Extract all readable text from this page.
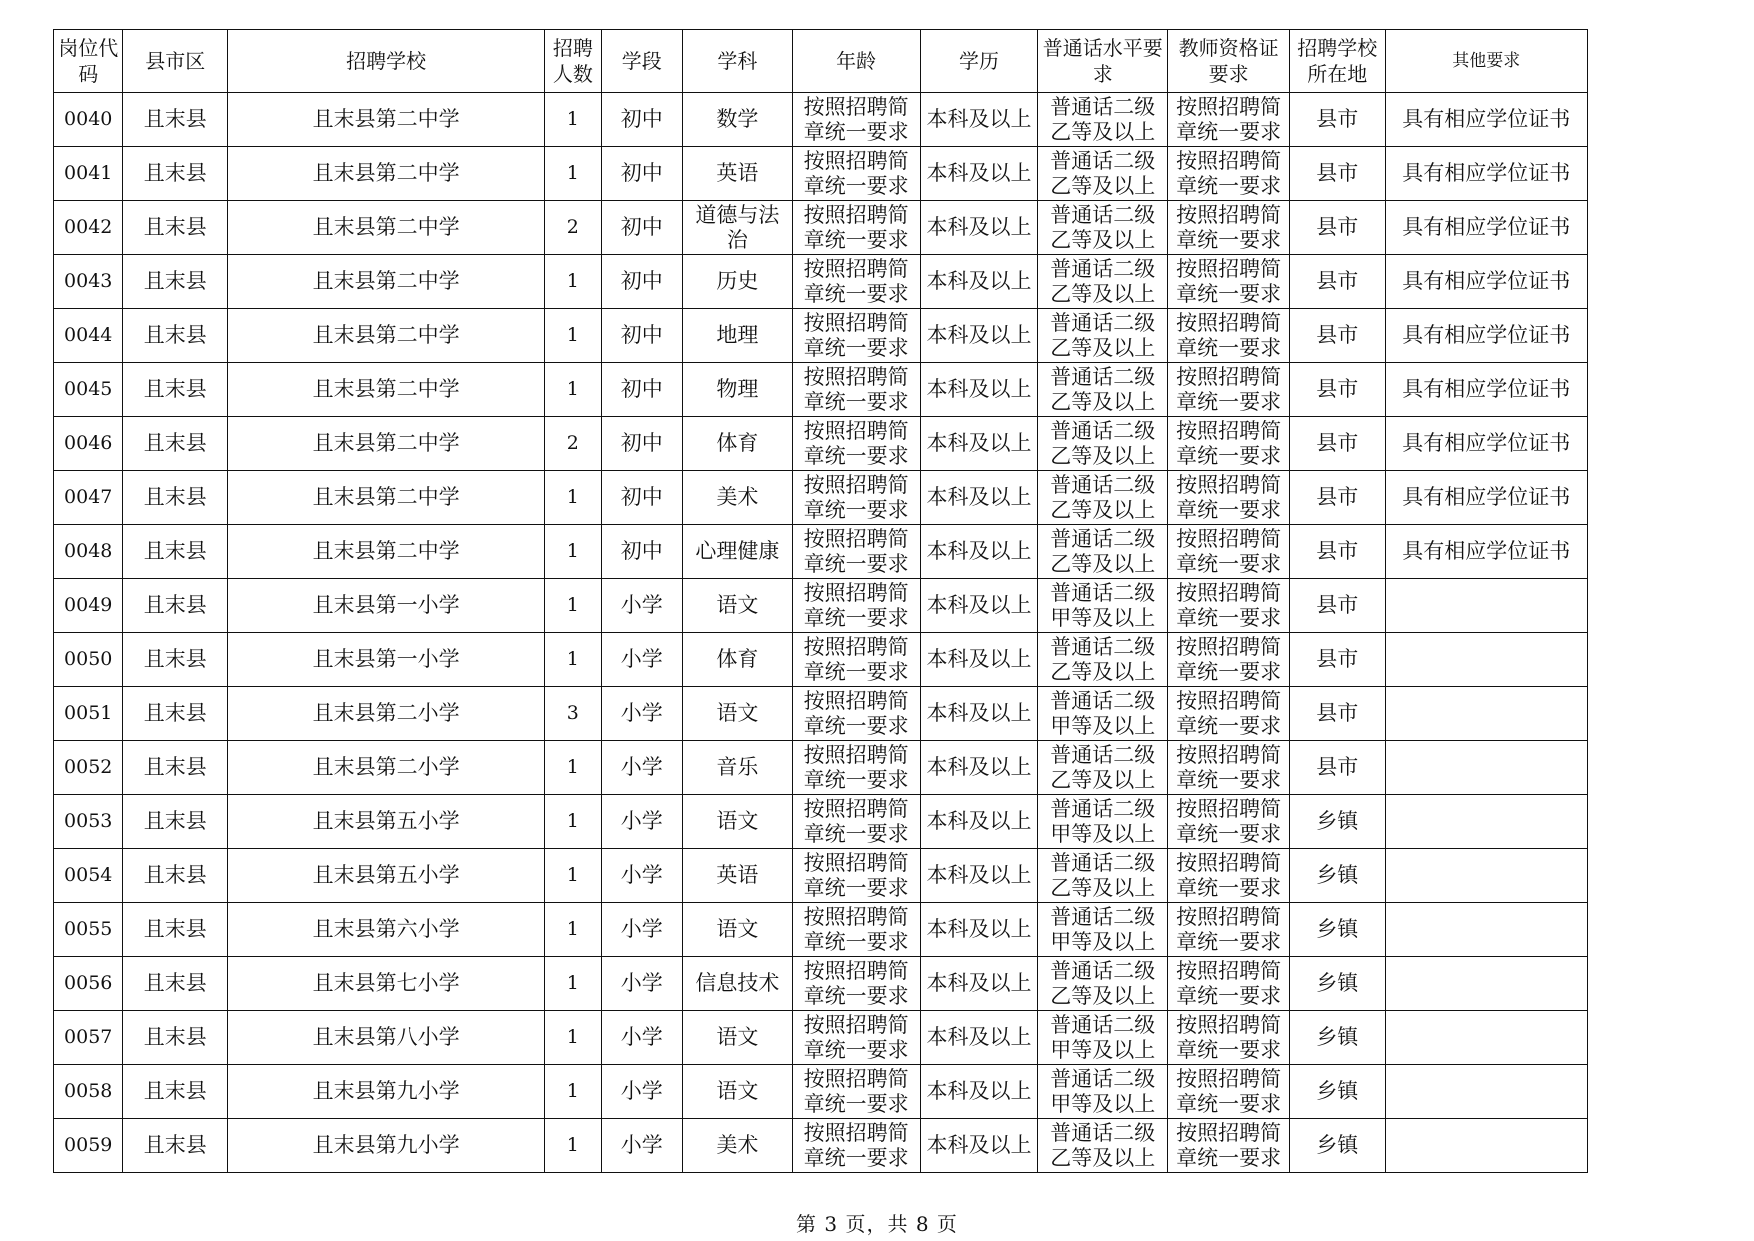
岗位代码	县市区	招聘学校	招聘人数	学段	学科	年龄	学历	普通话水平要求	教师资格证要求	招聘学校所在地	其他要求
0040	且末县	且末县第二中学	1	初中	数学	按照招聘简章统一要求	本科及以上	普通话二级乙等及以上	按照招聘简章统一要求	县市	具有相应学位证书
0041	且末县	且末县第二中学	1	初中	英语	按照招聘简章统一要求	本科及以上	普通话二级乙等及以上	按照招聘简章统一要求	县市	具有相应学位证书
0042	且末县	且末县第二中学	2	初中	道德与法治	按照招聘简章统一要求	本科及以上	普通话二级乙等及以上	按照招聘简章统一要求	县市	具有相应学位证书
0043	且末县	且末县第二中学	1	初中	历史	按照招聘简章统一要求	本科及以上	普通话二级乙等及以上	按照招聘简章统一要求	县市	具有相应学位证书
0044	且末县	且末县第二中学	1	初中	地理	按照招聘简章统一要求	本科及以上	普通话二级乙等及以上	按照招聘简章统一要求	县市	具有相应学位证书
0045	且末县	且末县第二中学	1	初中	物理	按照招聘简章统一要求	本科及以上	普通话二级乙等及以上	按照招聘简章统一要求	县市	具有相应学位证书
0046	且末县	且末县第二中学	2	初中	体育	按照招聘简章统一要求	本科及以上	普通话二级乙等及以上	按照招聘简章统一要求	县市	具有相应学位证书
0047	且末县	且末县第二中学	1	初中	美术	按照招聘简章统一要求	本科及以上	普通话二级乙等及以上	按照招聘简章统一要求	县市	具有相应学位证书
0048	且末县	且末县第二中学	1	初中	心理健康	按照招聘简章统一要求	本科及以上	普通话二级乙等及以上	按照招聘简章统一要求	县市	具有相应学位证书
0049	且末县	且末县第一小学	1	小学	语文	按照招聘简章统一要求	本科及以上	普通话二级甲等及以上	按照招聘简章统一要求	县市	
0050	且末县	且末县第一小学	1	小学	体育	按照招聘简章统一要求	本科及以上	普通话二级乙等及以上	按照招聘简章统一要求	县市	
0051	且末县	且末县第二小学	3	小学	语文	按照招聘简章统一要求	本科及以上	普通话二级甲等及以上	按照招聘简章统一要求	县市	
0052	且末县	且末县第二小学	1	小学	音乐	按照招聘简章统一要求	本科及以上	普通话二级乙等及以上	按照招聘简章统一要求	县市	
0053	且末县	且末县第五小学	1	小学	语文	按照招聘简章统一要求	本科及以上	普通话二级甲等及以上	按照招聘简章统一要求	乡镇	
0054	且末县	且末县第五小学	1	小学	英语	按照招聘简章统一要求	本科及以上	普通话二级乙等及以上	按照招聘简章统一要求	乡镇	
0055	且末县	且末县第六小学	1	小学	语文	按照招聘简章统一要求	本科及以上	普通话二级甲等及以上	按照招聘简章统一要求	乡镇	
0056	且末县	且末县第七小学	1	小学	信息技术	按照招聘简章统一要求	本科及以上	普通话二级乙等及以上	按照招聘简章统一要求	乡镇	
0057	且末县	且末县第八小学	1	小学	语文	按照招聘简章统一要求	本科及以上	普通话二级甲等及以上	按照招聘简章统一要求	乡镇	
0058	且末县	且末县第九小学	1	小学	语文	按照招聘简章统一要求	本科及以上	普通话二级甲等及以上	按照招聘简章统一要求	乡镇	
0059	且末县	且末县第九小学	1	小学	美术	按照招聘简章统一要求	本科及以上	普通话二级乙等及以上	按照招聘简章统一要求	乡镇	
第 3 页，共 8 页
